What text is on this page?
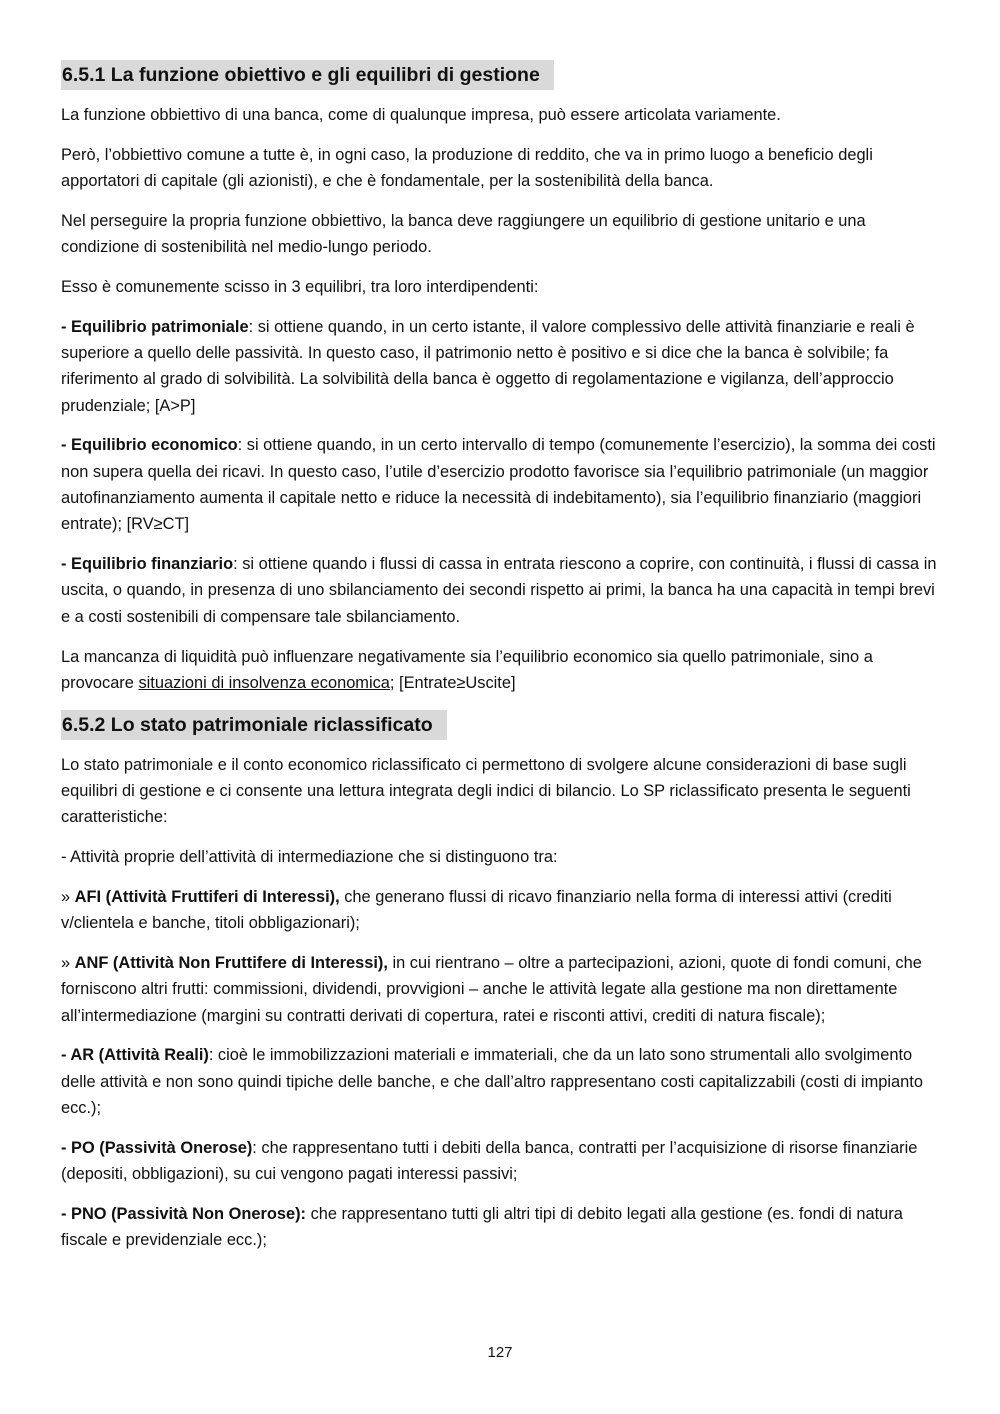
6.5.1 La funzione obiettivo e gli equilibri di gestione

La funzione obbiettivo di una banca, come di qualunque impresa, può essere articolata variamente.

Però, l’obbiettivo comune a tutte è, in ogni caso, la produzione di reddito, che va in primo luogo a beneficio degli apportatori di capitale (gli azionisti), e che è fondamentale, per la sostenibilità della banca.

Nel perseguire la propria funzione obbiettivo, la banca deve raggiungere un equilibrio di gestione unitario e una condizione di sostenibilità nel medio-lungo periodo.

Esso è comunemente scisso in 3 equilibri, tra loro interdipendenti:

- Equilibrio patrimoniale: si ottiene quando, in un certo istante, il valore complessivo delle attività finanziarie e reali è superiore a quello delle passività. In questo caso, il patrimonio netto è positivo e si dice che la banca è solvibile; fa riferimento al grado di solvibilità. La solvibilità della banca è oggetto di regolamentazione e vigilanza, dell’approccio prudenziale; [A>P]

- Equilibrio economico: si ottiene quando, in un certo intervallo di tempo (comunemente l’esercizio), la somma dei costi non supera quella dei ricavi. In questo caso, l’utile d’esercizio prodotto favorisce sia l’equilibrio patrimoniale (un maggior autofinanziamento aumenta il capitale netto e riduce la necessità di indebitamento), sia l’equilibrio finanziario (maggiori entrate); [RV≥CT]

- Equilibrio finanziario: si ottiene quando i flussi di cassa in entrata riescono a coprire, con continuità, i flussi di cassa in uscita, o quando, in presenza di uno sbilanciamento dei secondi rispetto ai primi, la banca ha una capacità in tempi brevi e a costi sostenibili di compensare tale sbilanciamento.

La mancanza di liquidità può influenzare negativamente sia l’equilibrio economico sia quello patrimoniale, sino a provocare situazioni di insolvenza economica; [Entrate≥Uscite]

6.5.2 Lo stato patrimoniale riclassificato

Lo stato patrimoniale e il conto economico riclassificato ci permettono di svolgere alcune considerazioni di base sugli equilibri di gestione e ci consente una lettura integrata degli indici di bilancio. Lo SP riclassificato presenta le seguenti caratteristiche:

- Attività proprie dell’attività di intermediazione che si distinguono tra:

» AFI (Attività Fruttiferi di Interessi), che generano flussi di ricavo finanziario nella forma di interessi attivi (crediti v/clientela e banche, titoli obbligazionari);

» ANF (Attività Non Fruttifere di Interessi), in cui rientrano – oltre a partecipazioni, azioni, quote di fondi comuni, che forniscono altri frutti: commissioni, dividendi, provvigioni – anche le attività legate alla gestione ma non direttamente all’intermediazione (margini su contratti derivati di copertura, ratei e risconti attivi, crediti di natura fiscale);

- AR (Attività Reali): cioè le immobilizzazioni materiali e immateriali, che da un lato sono strumentali allo svolgimento delle attività e non sono quindi tipiche delle banche, e che dall’altro rappresentano costi capitalizzabili (costi di impianto ecc.);

- PO (Passività Onerose): che rappresentano tutti i debiti della banca, contratti per l’acquisizione di risorse finanziarie (depositi, obbligazioni), su cui vengono pagati interessi passivi;

- PNO (Passività Non Onerose): che rappresentano tutti gli altri tipi di debito legati alla gestione (es. fondi di natura fiscale e previdenziale ecc.);

127
